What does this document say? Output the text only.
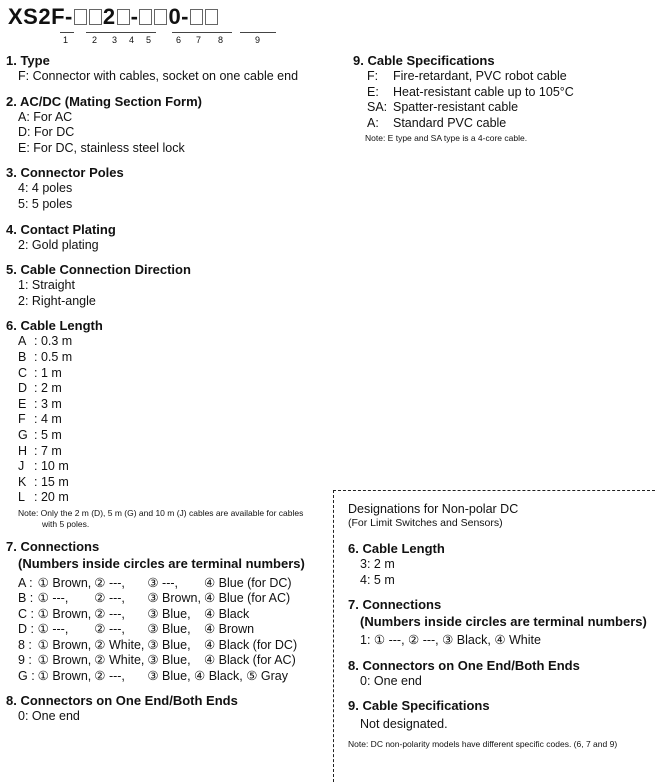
XS2F- 2 - 0-
1	2 3 4 5	6 7 8	9

1. Type

F: Connector with cables, socket on one cable end

2. AC/DC (Mating Section Form)

A: For AC
D: For DC
E: For DC, stainless steel lock

3. Connector Poles

4: 4 poles
5: 5 poles

4. Contact Plating

2: Gold plating

5. Cable Connection Direction

1: Straight
2: Right-angle

6. Cable Length

A	: 0.3 m
B	: 0.5 m
C	: 1 m
D	: 2 m
E	: 3 m
F	: 4 m
G	: 5 m
H	: 7 m
J	: 10 m
K	: 15 m
L	: 20 m
Note: Only the 2 m (D), 5 m (G) and 10 m (J) cables are available for cables
with 5 poles.

7. Connections

(Numbers inside circles are terminal numbers)

A :	① Brown,	② ---,	③ ---,	④ Blue (for DC)
B :	① ---,	② ---,	③ Brown,	④ Blue (for AC)
C :	① Brown,	② ---,	③ Blue,	④ Black
D :	① ---,	② ---,	③ Blue,	④ Brown
8 :	① Brown,	② White,	③ Blue,	④ Black (for DC)
9 :	① Brown,	② White,	③ Blue,	④ Black (for AC)
G :	① Brown,	② ---,	③ Blue, ④ Black, ⑤ Gray	

8. Connectors on One End/Both Ends

0: One end

9. Cable Specifications

F:	Fire-retardant, PVC robot cable
E:	Heat-resistant cable up to 105°C
SA:	Spatter-resistant cable
A:	Standard PVC cable
Note: E type and SA type is a 4-core cable.
Designations for Non-polar DC
(For Limit Switches and Sensors)

6. Cable Length

3: 2 m
4: 5 m

7. Connections

(Numbers inside circles are terminal numbers)

1: ① ---, ② ---, ③ Black, ④ White

8. Connectors on One End/Both Ends

0: One end

9. Cable Specifications

Not designated.
Note: DC non-polarity models have different specific codes. (6, 7 and 9)
